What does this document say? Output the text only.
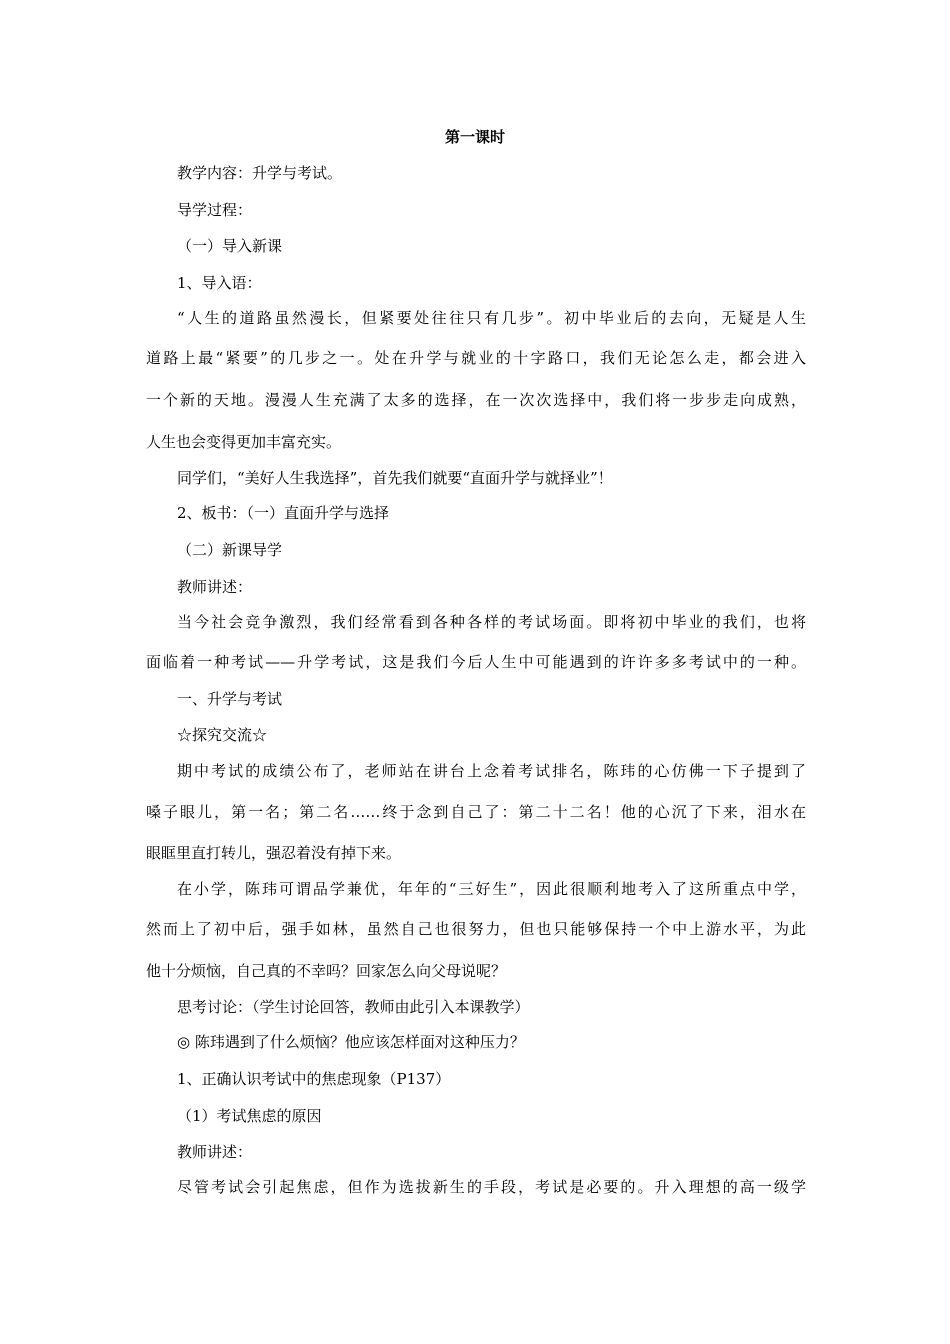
第一课时
教学内容：升学与考试。
导学过程：
（一）导入新课
1、导入语：
“人生的道路虽然漫长，但紧要处往往只有几步”。初中毕业后的去向，无疑是人生
道路上最“紧要”的几步之一。处在升学与就业的十字路口，我们无论怎么走，都会进入
一个新的天地。漫漫人生充满了太多的选择，在一次次选择中，我们将一步步走向成熟，
人生也会变得更加丰富充实。
同学们，“美好人生我选择”，首先我们就要“直面升学与就择业”！
2、板书：（一）直面升学与选择
（二）新课导学
教师讲述：
当今社会竞争激烈，我们经常看到各种各样的考试场面。即将初中毕业的我们，也将
面临着一种考试——升学考试，这是我们今后人生中可能遇到的许许多多考试中的一种。
一、升学与考试
☆探究交流☆
期中考试的成绩公布了，老师站在讲台上念着考试排名，陈玮的心仿佛一下子提到了
嗓子眼儿，第一名；第二名……终于念到自己了：第二十二名！他的心沉了下来，泪水在
眼眶里直打转儿，强忍着没有掉下来。
在小学，陈玮可谓品学兼优，年年的“三好生”，因此很顺利地考入了这所重点中学，
然而上了初中后，强手如林，虽然自己也很努力，但也只能够保持一个中上游水平，为此
他十分烦恼，自己真的不幸吗？回家怎么向父母说呢？
思考讨论：（学生讨论回答，教师由此引入本课教学）
◎ 陈玮遇到了什么烦恼？他应该怎样面对这种压力？
1、正确认识考试中的焦虑现象（P137）
（1）考试焦虑的原因
教师讲述：
尽管考试会引起焦虑，但作为选拔新生的手段，考试是必要的。升入理想的高一级学
